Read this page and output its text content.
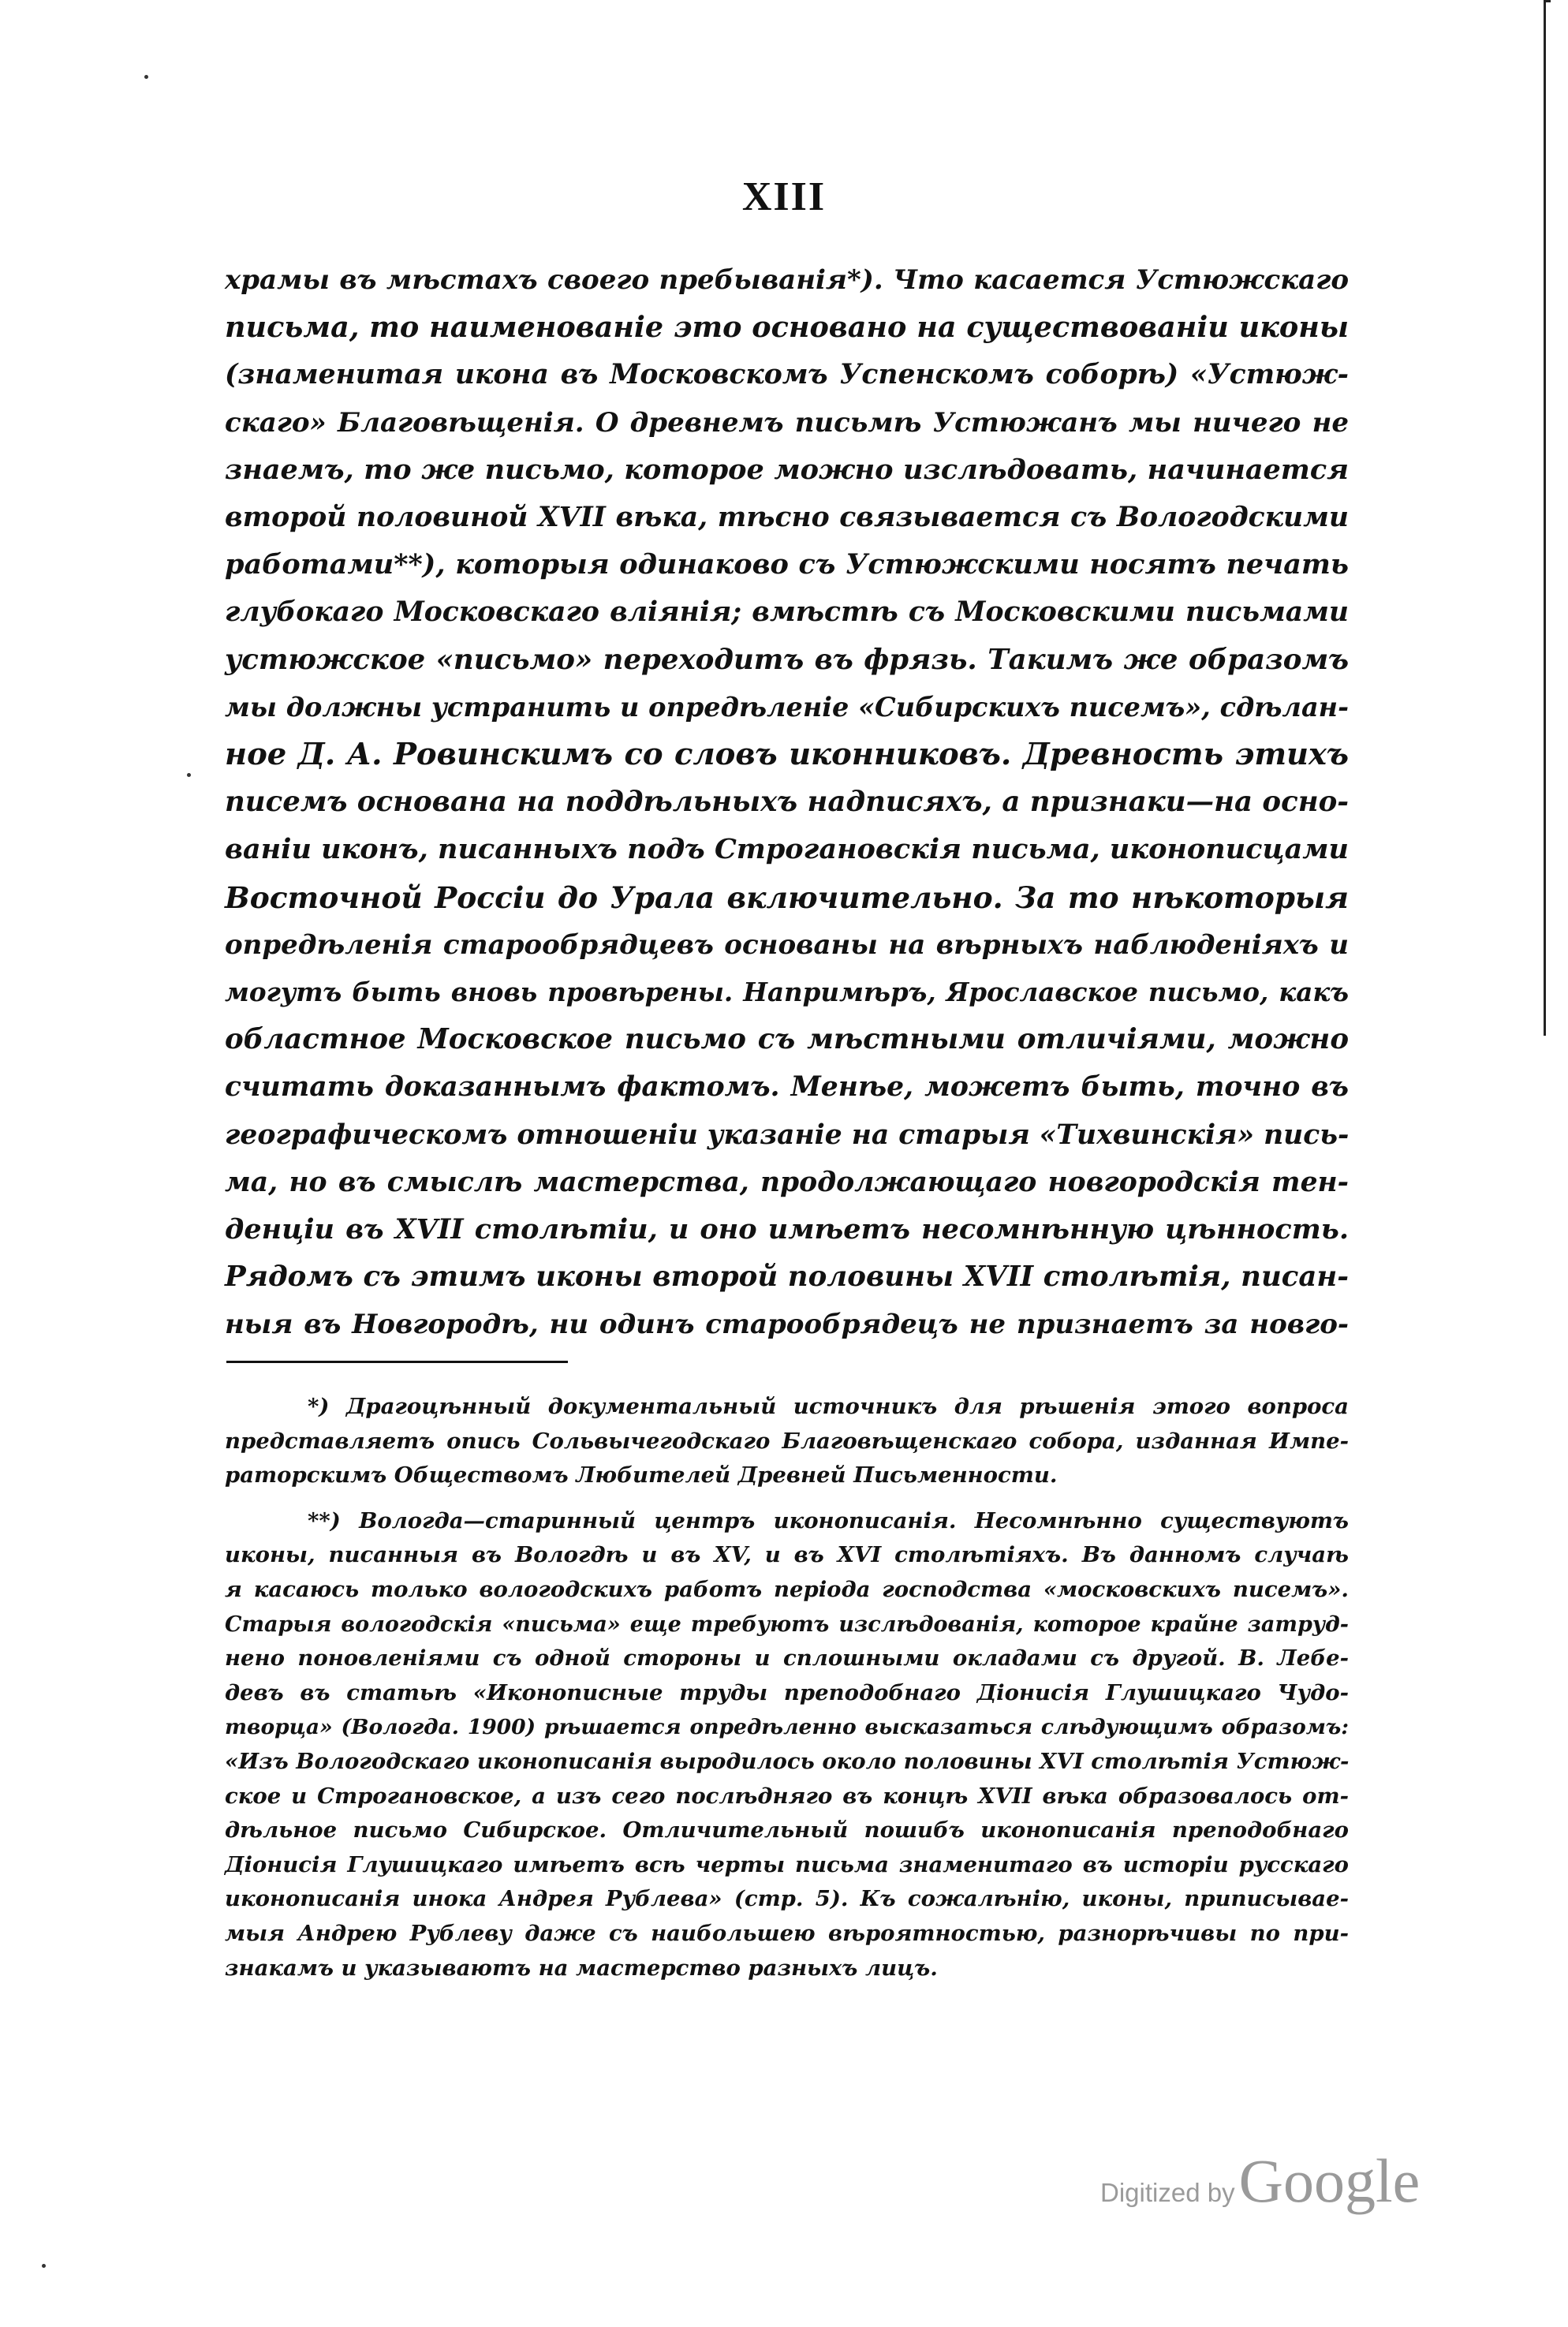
XIII
храмы въ мѣстахъ своего пребыванія*). Что касается Устюжскаго
письма, то наименованіе это основано на существованіи иконы
(знаменитая икона въ Московскомъ Успенскомъ соборѣ) «Устюж-
скаго» Благовѣщенія. О древнемъ письмѣ Устюжанъ мы ничего не
знаемъ, то же письмо, которое можно изслѣдовать, начинается
второй половиной XVII вѣка, тѣсно связывается съ Вологодскими
работами**), которыя одинаково съ Устюжскими носятъ печать
глубокаго Московскаго вліянія; вмѣстѣ съ Московскими письмами
устюжское «письмо» переходитъ въ фрязь. Такимъ же образомъ
мы должны устранить и опредѣленіе «Сибирскихъ писемъ», сдѣлан-
ное Д. А. Ровинскимъ со словъ иконниковъ. Древность этихъ
писемъ основана на поддѣльныхъ надписяхъ, а признаки—на осно-
ваніи иконъ, писанныхъ подъ Строгановскія письма, иконописцами
Восточной Россіи до Урала включительно. За то нѣкоторыя
опредѣленія старообрядцевъ основаны на вѣрныхъ наблюденіяхъ и
могутъ быть вновь провѣрены. Напримѣръ, Ярославское письмо, какъ
областное Московское письмо съ мѣстными отличіями, можно
считать доказаннымъ фактомъ. Менѣе, можетъ быть, точно въ
географическомъ отношеніи указаніе на старыя «Тихвинскія» пись-
ма, но въ смыслѣ мастерства, продолжающаго новгородскія тен-
денціи въ XVII столѣтіи, и оно имѣетъ несомнѣнную цѣнность.
Рядомъ съ этимъ иконы второй половины XVII столѣтія, писан-
ныя въ Новгородѣ, ни одинъ старообрядецъ не признаетъ за новго-
*) Драгоцѣнный документальный источникъ для рѣшенія этого вопроса
представляетъ опись Сольвычегодскаго Благовѣщенскаго собора, изданная Импе-
раторскимъ Обществомъ Любителей Древней Письменности.
**) Вологда—старинный центръ иконописанія. Несомнѣнно существуютъ
иконы, писанныя въ Вологдѣ и въ XV, и въ XVI столѣтіяхъ. Въ данномъ случаѣ
я касаюсь только вологодскихъ работъ періода господства «московскихъ писемъ».
Старыя вологодскія «письма» еще требуютъ изслѣдованія, которое крайне затруд-
нено поновленіями съ одной стороны и сплошными окладами съ другой. В. Лебе-
девъ въ статьѣ «Иконописные труды преподобнаго Діонисія Глушицкаго Чудо-
творца» (Вологда. 1900) рѣшается опредѣленно высказаться слѣдующимъ образомъ:
«Изъ Вологодскаго иконописанія выродилось около половины XVI столѣтія Устюж-
ское и Строгановское, а изъ сего послѣдняго въ концѣ XVII вѣка образовалось от-
дѣльное письмо Сибирское. Отличительный пошибъ иконописанія преподобнаго
Діонисія Глушицкаго имѣетъ всѣ черты письма знаменитаго въ исторіи русскаго
иконописанія инока Андрея Рублева» (стр. 5). Къ сожалѣнію, иконы, приписывае-
мыя Андрею Рублеву даже съ наибольшею вѣроятностью, разнорѣчивы по при-
знакамъ и указываютъ на мастерство разныхъ лицъ.
Digitized by Google
